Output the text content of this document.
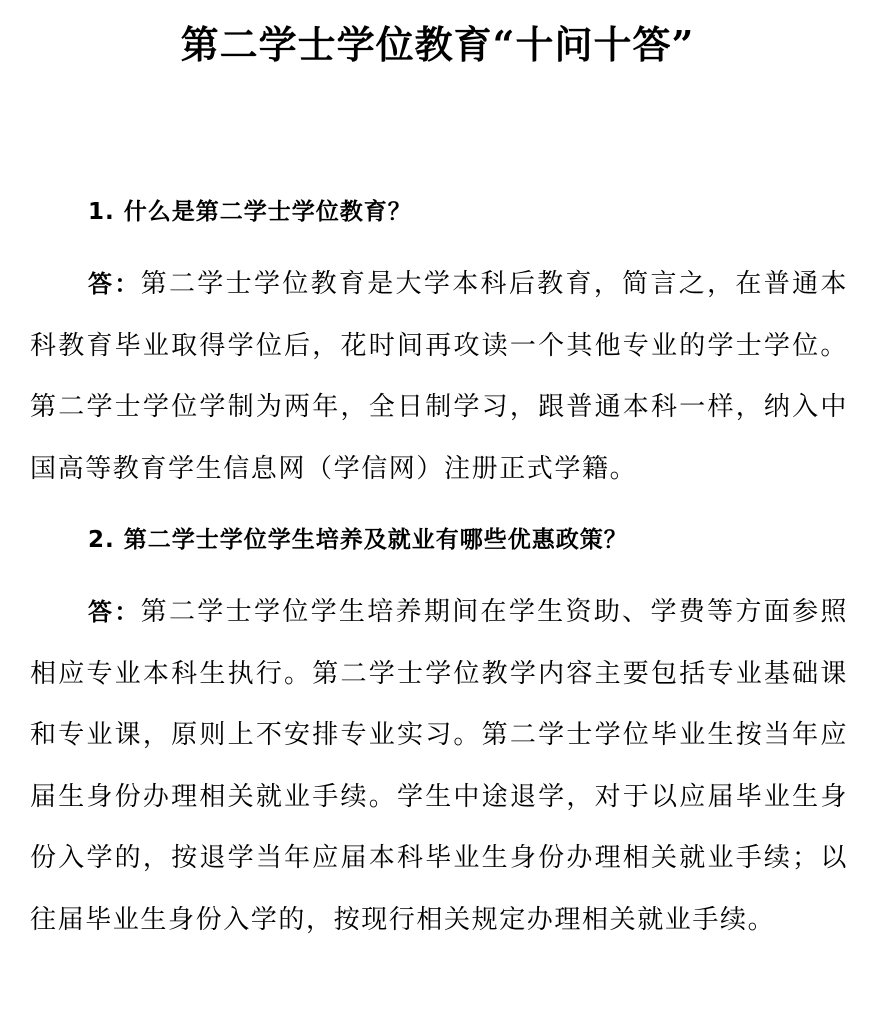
第二学士学位教育“十问十答”

1. 什么是第二学士学位教育？

答：第二学士学位教育是大学本科后教育，简言之，在普通本科教育毕业取得学位后，花时间再攻读一个其他专业的学士学位。第二学士学位学制为两年，全日制学习，跟普通本科一样，纳入中国高等教育学生信息网（学信网）注册正式学籍。

2. 第二学士学位学生培养及就业有哪些优惠政策？

答：第二学士学位学生培养期间在学生资助、学费等方面参照相应专业本科生执行。第二学士学位教学内容主要包括专业基础课和专业课，原则上不安排专业实习。第二学士学位毕业生按当年应届生身份办理相关就业手续。学生中途退学，对于以应届毕业生身份入学的，按退学当年应届本科毕业生身份办理相关就业手续；以往届毕业生身份入学的，按现行相关规定办理相关就业手续。
